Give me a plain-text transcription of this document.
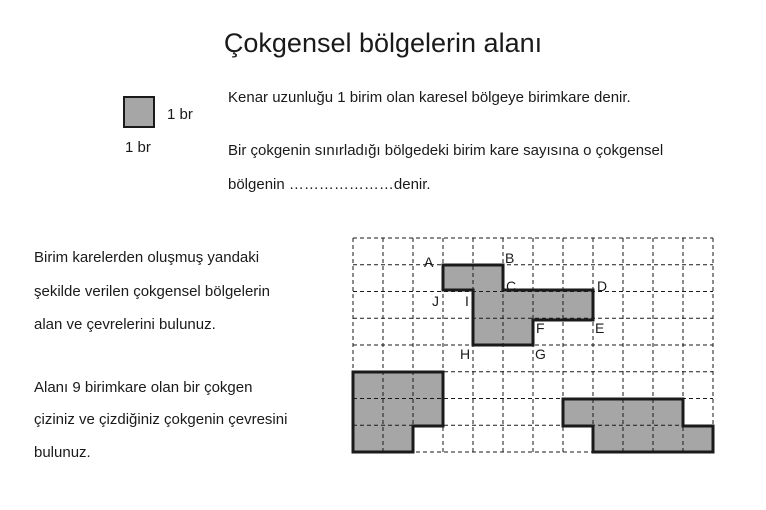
Çokgensel bölgelerin alanı
1 br
1 br
Kenar uzunluğu 1 birim olan karesel bölgeye birimkare denir.
Bir çokgenin sınırladığı bölgedeki birim kare sayısına o çokgensel
bölgenin …………………denir.
Birim karelerden oluşmuş yandaki
şekilde verilen çokgensel bölgelerin
alan ve çevrelerini bulunuz.
Alanı 9 birimkare olan bir çokgen
çiziniz ve çizdiğiniz çokgenin çevresini
bulunuz.
A	B
C	D
E
F
G
H
I
J
